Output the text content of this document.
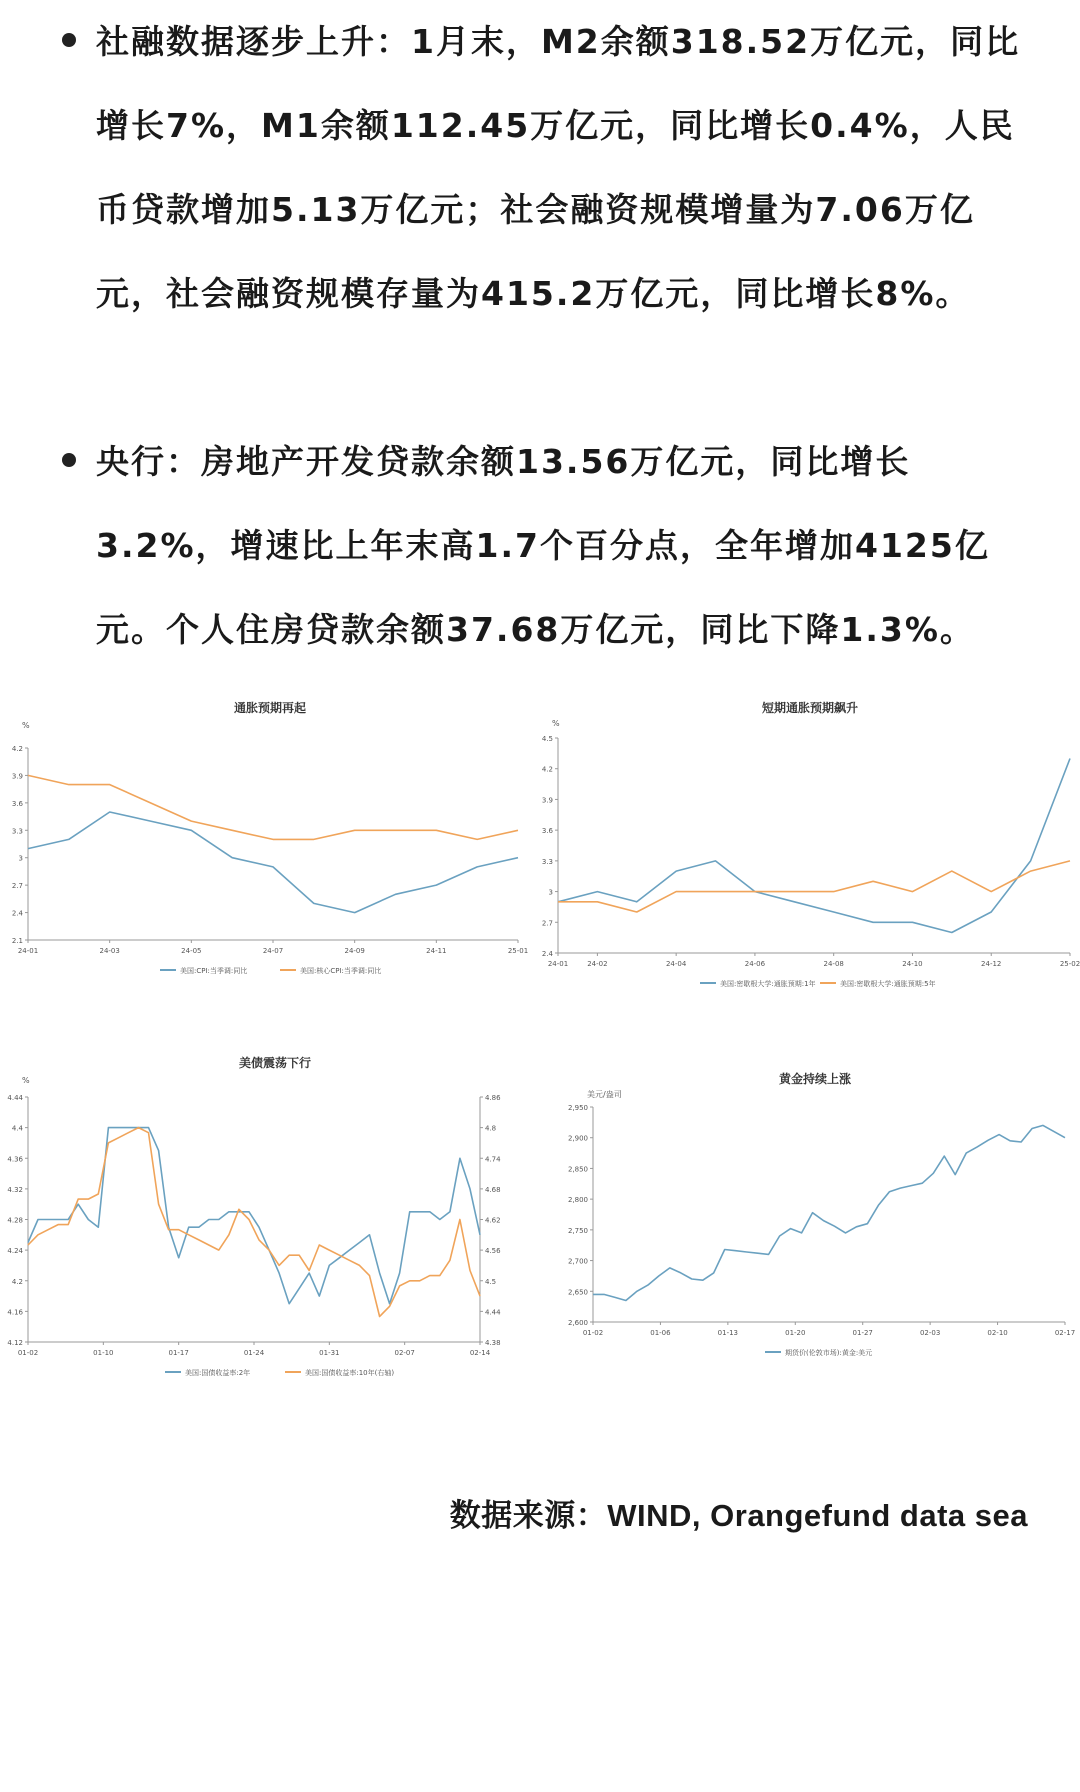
社融数据逐步上升：1月末，M2余额318.52万亿元，同比增长7%，M1余额112.45万亿元，同比增长0.4%，人民币贷款增加5.13万亿元；社会融资规模增量为7.06万亿元，社会融资规模存量为415.2万亿元，同比增长8%。
央行：房地产开发贷款余额13.56万亿元，同比增长3.2%，增速比上年末高1.7个百分点，全年增加4125亿元。个人住房贷款余额37.68万亿元，同比下降1.3%。
通胀预期再起
%
2.1
2.4
2.7
3
3.3
3.6
3.9
4.2
24-01	24-03	24-05	24-07	24-09	24-11	25-01
美国:CPI:当季调:同比	美国:核心CPI:当季调:同比
短期通胀预期飙升
%
2.4
2.7
3
3.3
3.6
3.9
4.2
4.5
24-01	24-02	24-04	24-06	24-08	24-10	24-12	25-02
美国:密歇根大学:通胀预期:1年	美国:密歇根大学:通胀预期:5年
美债震荡下行
%
4.12
4.16
4.2
4.24
4.28
4.32
4.36
4.4
4.44
4.38
4.44
4.5
4.56
4.62
4.68
4.74
4.8
4.86
01-02	01-10	01-17	01-24	01-31	02-07	02-14
美国:国债收益率:2年	美国:国债收益率:10年(右轴)
黄金持续上涨
美元/盎司
2,600
2,650
2,700
2,750
2,800
2,850
2,900
2,950
01-02	01-06	01-13	01-20	01-27	02-03	02-10	02-17
期货价(伦敦市场):黄金:美元
数据来源：WIND, Orangefund data sea
